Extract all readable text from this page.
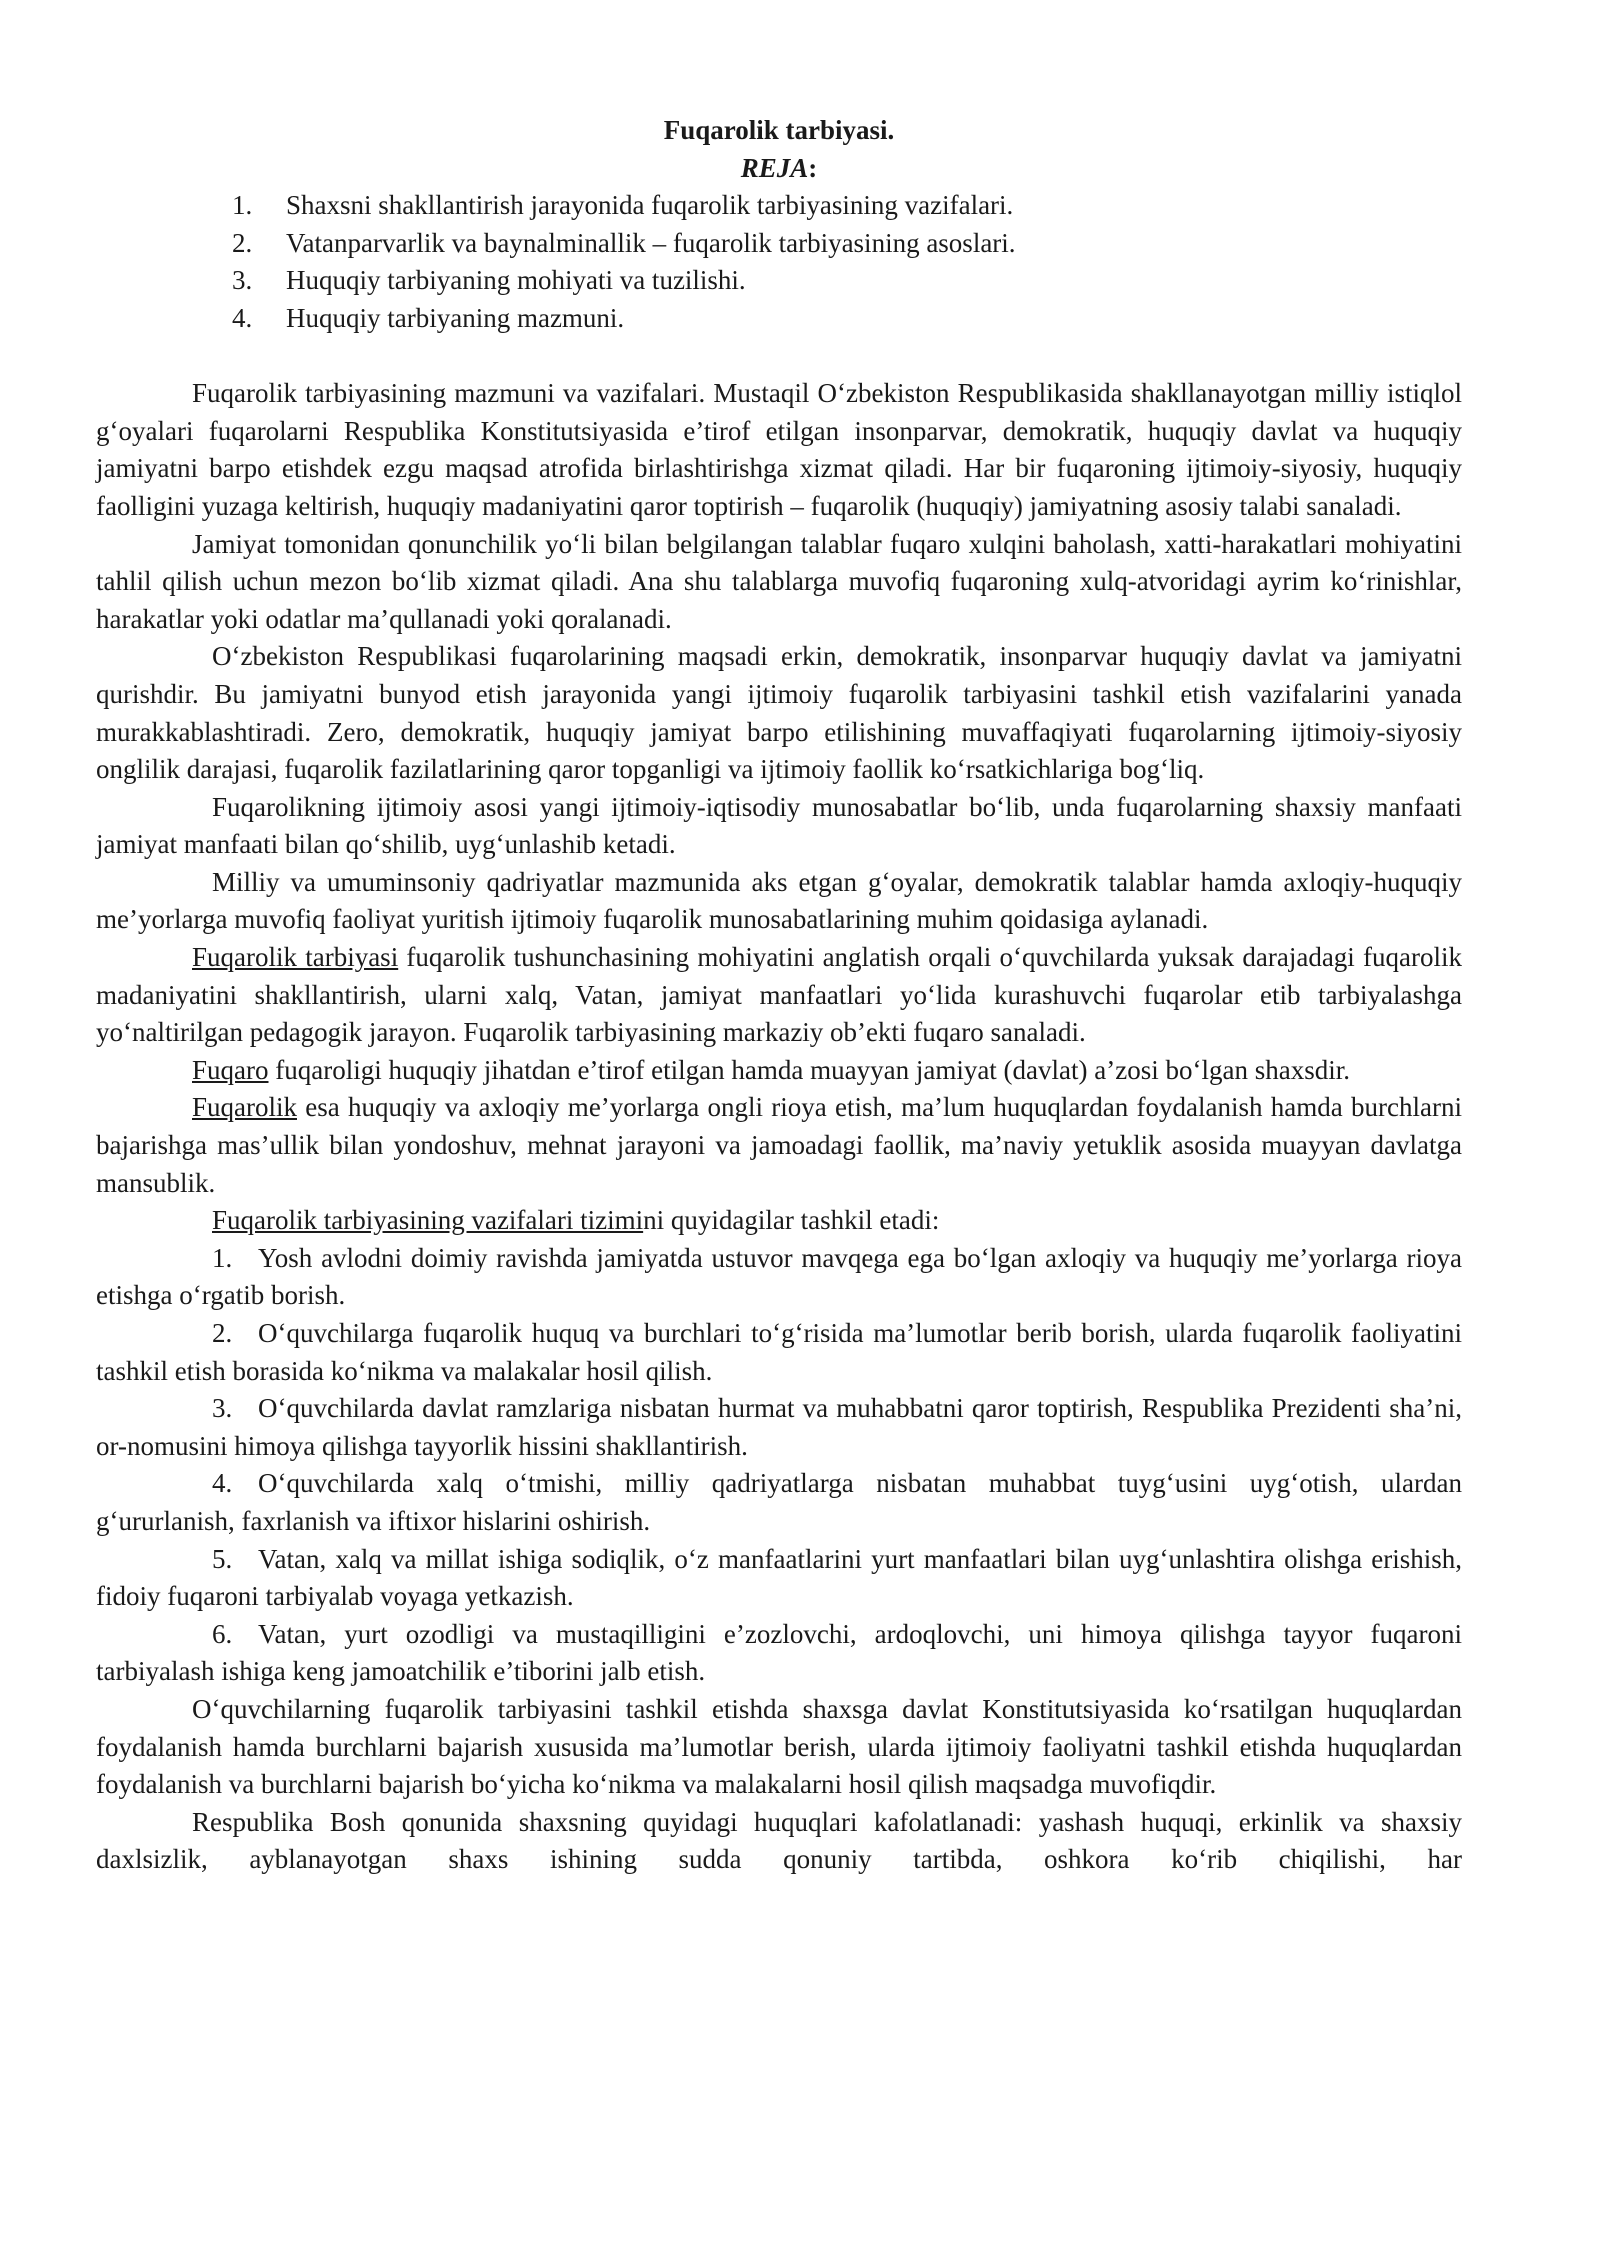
Fuqarolik tarbiyasi.

REJA:

1. Shaxsni shakllantirish jarayonida fuqarolik tarbiyasining vazifalari.
2. Vatanparvarlik va baynalminallik – fuqarolik tarbiyasining asoslari.
3. Huquqiy tarbiyaning mohiyati va tuzilishi.
4. Huquqiy tarbiyaning mazmuni.

Fuqarolik tarbiyasining mazmuni va vazifalari. Mustaqil O‘zbekiston Respublikasida shakllanayotgan milliy istiqlol g‘oyalari fuqarolarni Respublika Konstitutsiyasida e’tirof etilgan insonparvar, demokratik, huquqiy davlat va huquqiy jamiyatni barpo etishdek ezgu maqsad atrofida birlashtirishga xizmat qiladi. Har bir fuqaroning ijtimoiy-siyosiy, huquqiy faolligini yuzaga keltirish, huquqiy madaniyatini qaror toptirish – fuqarolik (huquqiy) jamiyatning asosiy talabi sanaladi.

Jamiyat tomonidan qonunchilik yo‘li bilan belgilangan talablar fuqaro xulqini baholash, xatti-harakatlari mohiyatini tahlil qilish uchun mezon bo‘lib xizmat qiladi. Ana shu talablarga muvofiq fuqaroning xulq-atvoridagi ayrim ko‘rinishlar, harakatlar yoki odatlar ma’qullanadi yoki qoralanadi.

O‘zbekiston Respublikasi fuqarolarining maqsadi erkin, demokratik, insonparvar huquqiy davlat va jamiyatni qurishdir. Bu jamiyatni bunyod etish jarayonida yangi ijtimoiy fuqarolik tarbiyasini tashkil etish vazifalarini yanada murakkablashtiradi. Zero, demokratik, huquqiy jamiyat barpo etilishining muvaffaqiyati fuqarolarning ijtimoiy-siyosiy onglilik darajasi, fuqarolik fazilatlarining qaror topganligi va ijtimoiy faollik ko‘rsatkichlariga bog‘liq.

Fuqarolikning ijtimoiy asosi yangi ijtimoiy-iqtisodiy munosabatlar bo‘lib, unda fuqarolarning shaxsiy manfaati jamiyat manfaati bilan qo‘shilib, uyg‘unlashib ketadi.

Milliy va umuminsoniy qadriyatlar mazmunida aks etgan g‘oyalar, demokratik talablar hamda axloqiy-huquqiy me’yorlarga muvofiq faoliyat yuritish ijtimoiy fuqarolik munosabatlarining muhim qoidasiga aylanadi.

Fuqarolik tarbiyasi fuqarolik tushunchasining mohiyatini anglatish orqali o‘quvchilarda yuksak darajadagi fuqarolik madaniyatini shakllantirish, ularni xalq, Vatan, jamiyat manfaatlari yo‘lida kurashuvchi fuqarolar etib tarbiyalashga yo‘naltirilgan pedagogik jarayon. Fuqarolik tarbiyasining markaziy ob’ekti fuqaro sanaladi.

Fuqaro fuqaroligi huquqiy jihatdan e’tirof etilgan hamda muayyan jamiyat (davlat) a’zosi bo‘lgan shaxsdir.

Fuqarolik esa huquqiy va axloqiy me’yorlarga ongli rioya etish, ma’lum huquqlardan foydalanish hamda burchlarni bajarishga mas’ullik bilan yondoshuv, mehnat jarayoni va jamoadagi faollik, ma’naviy yetuklik asosida muayyan davlatga mansublik.

Fuqarolik tarbiyasining vazifalari tizimini quyidagilar tashkil etadi:

1. Yosh avlodni doimiy ravishda jamiyatda ustuvor mavqega ega bo‘lgan axloqiy va huquqiy me’yorlarga rioya etishga o‘rgatib borish.

2. O‘quvchilarga fuqarolik huquq va burchlari to‘g‘risida ma’lumotlar berib borish, ularda fuqarolik faoliyatini tashkil etish borasida ko‘nikma va malakalar hosil qilish.

3. O‘quvchilarda davlat ramzlariga nisbatan hurmat va muhabbatni qaror toptirish, Respublika Prezidenti sha’ni, or-nomusini himoya qilishga tayyorlik hissini shakllantirish.

4. O‘quvchilarda xalq o‘tmishi, milliy qadriyatlarga nisbatan muhabbat tuyg‘usini uyg‘otish, ulardan g‘ururlanish, faxrlanish va iftixor hislarini oshirish.

5. Vatan, xalq va millat ishiga sodiqlik, o‘z manfaatlarini yurt manfaatlari bilan uyg‘unlashtira olishga erishish, fidoiy fuqaroni tarbiyalab voyaga yetkazish.

6. Vatan, yurt ozodligi va mustaqilligini e’zozlovchi, ardoqlovchi, uni himoya qilishga tayyor fuqaroni tarbiyalash ishiga keng jamoatchilik e’tiborini jalb etish.

O‘quvchilarning fuqarolik tarbiyasini tashkil etishda shaxsga davlat Konstitutsiyasida ko‘rsatilgan huquqlardan foydalanish hamda burchlarni bajarish xususida ma’lumotlar berish, ularda ijtimoiy faoliyatni tashkil etishda huquqlardan foydalanish va burchlarni bajarish bo‘yicha ko‘nikma va malakalarni hosil qilish maqsadga muvofiqdir.

Respublika Bosh qonunida shaxsning quyidagi huquqlari kafolatlanadi: yashash huquqi, erkinlik va shaxsiy daxlsizlik, ayblanayotgan shaxs ishining sudda qonuniy tartibda, oshkora ko‘rib chiqilishi, har
